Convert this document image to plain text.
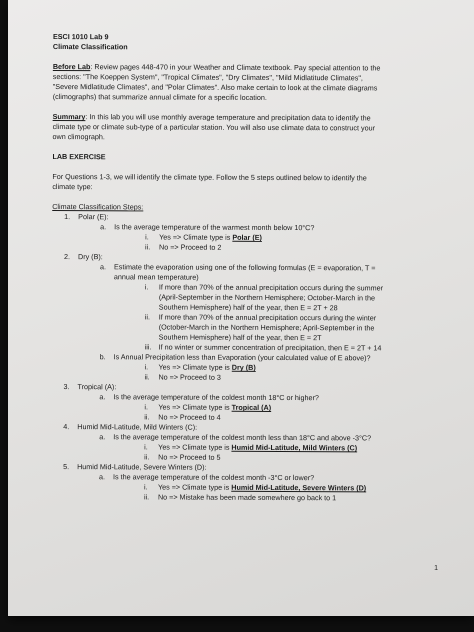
ESCI 1010 Lab 9

Climate Classification

Before Lab: Review pages 448-470 in your Weather and Climate textbook. Pay special attention to the
sections: "The Koeppen System", "Tropical Climates", "Dry Climates", "Mild Midlatitude Climates",
"Severe Midlatitude Climates", and "Polar Climates". Also make certain to look at the climate diagrams
(climographs) that summarize annual climate for a specific location.
Summary: In this lab you will use monthly average temperature and precipitation data to identify the
climate type or climate sub-type of a particular station. You will also use climate data to construct your
own climograph.

LAB EXERCISE

For Questions 1-3, we will identify the climate type. Follow the 5 steps outlined below to identify the
climate type:
Climate Classification Steps:
1. Polar (E):
a. Is the average temperature of the warmest month below 10°C?
i. Yes => Climate type is Polar (E)
ii. No => Proceed to 2
2. Dry (B):
a. Estimate the evaporation using one of the following formulas (E = evaporation, T =
annual mean temperature)
i. If more than 70% of the annual precipitation occurs during the summer
(April-September in the Northern Hemisphere; October-March in the
Southern Hemisphere) half of the year, then E = 2T + 28
ii. If more than 70% of the annual precipitation occurs during the winter
(October-March in the Northern Hemisphere; April-September in the
Southern Hemisphere) half of the year, then E = 2T
iii. If no winter or summer concentration of precipitation, then E = 2T + 14
b. Is Annual Precipitation less than Evaporation (your calculated value of E above)?
i. Yes => Climate type is Dry (B)
ii. No => Proceed to 3
3. Tropical (A):
a. Is the average temperature of the coldest month 18°C or higher?
i. Yes => Climate type is Tropical (A)
ii. No => Proceed to 4
4. Humid Mid-Latitude, Mild Winters (C):
a. Is the average temperature of the coldest month less than 18°C and above -3°C?
i. Yes => Climate type is Humid Mid-Latitude, Mild Winters (C)
ii. No => Proceed to 5
5. Humid Mid-Latitude, Severe Winters (D):
a. Is the average temperature of the coldest month -3°C or lower?
i. Yes => Climate type is Humid Mid-Latitude, Severe Winters (D)
ii. No => Mistake has been made somewhere go back to 1
1
